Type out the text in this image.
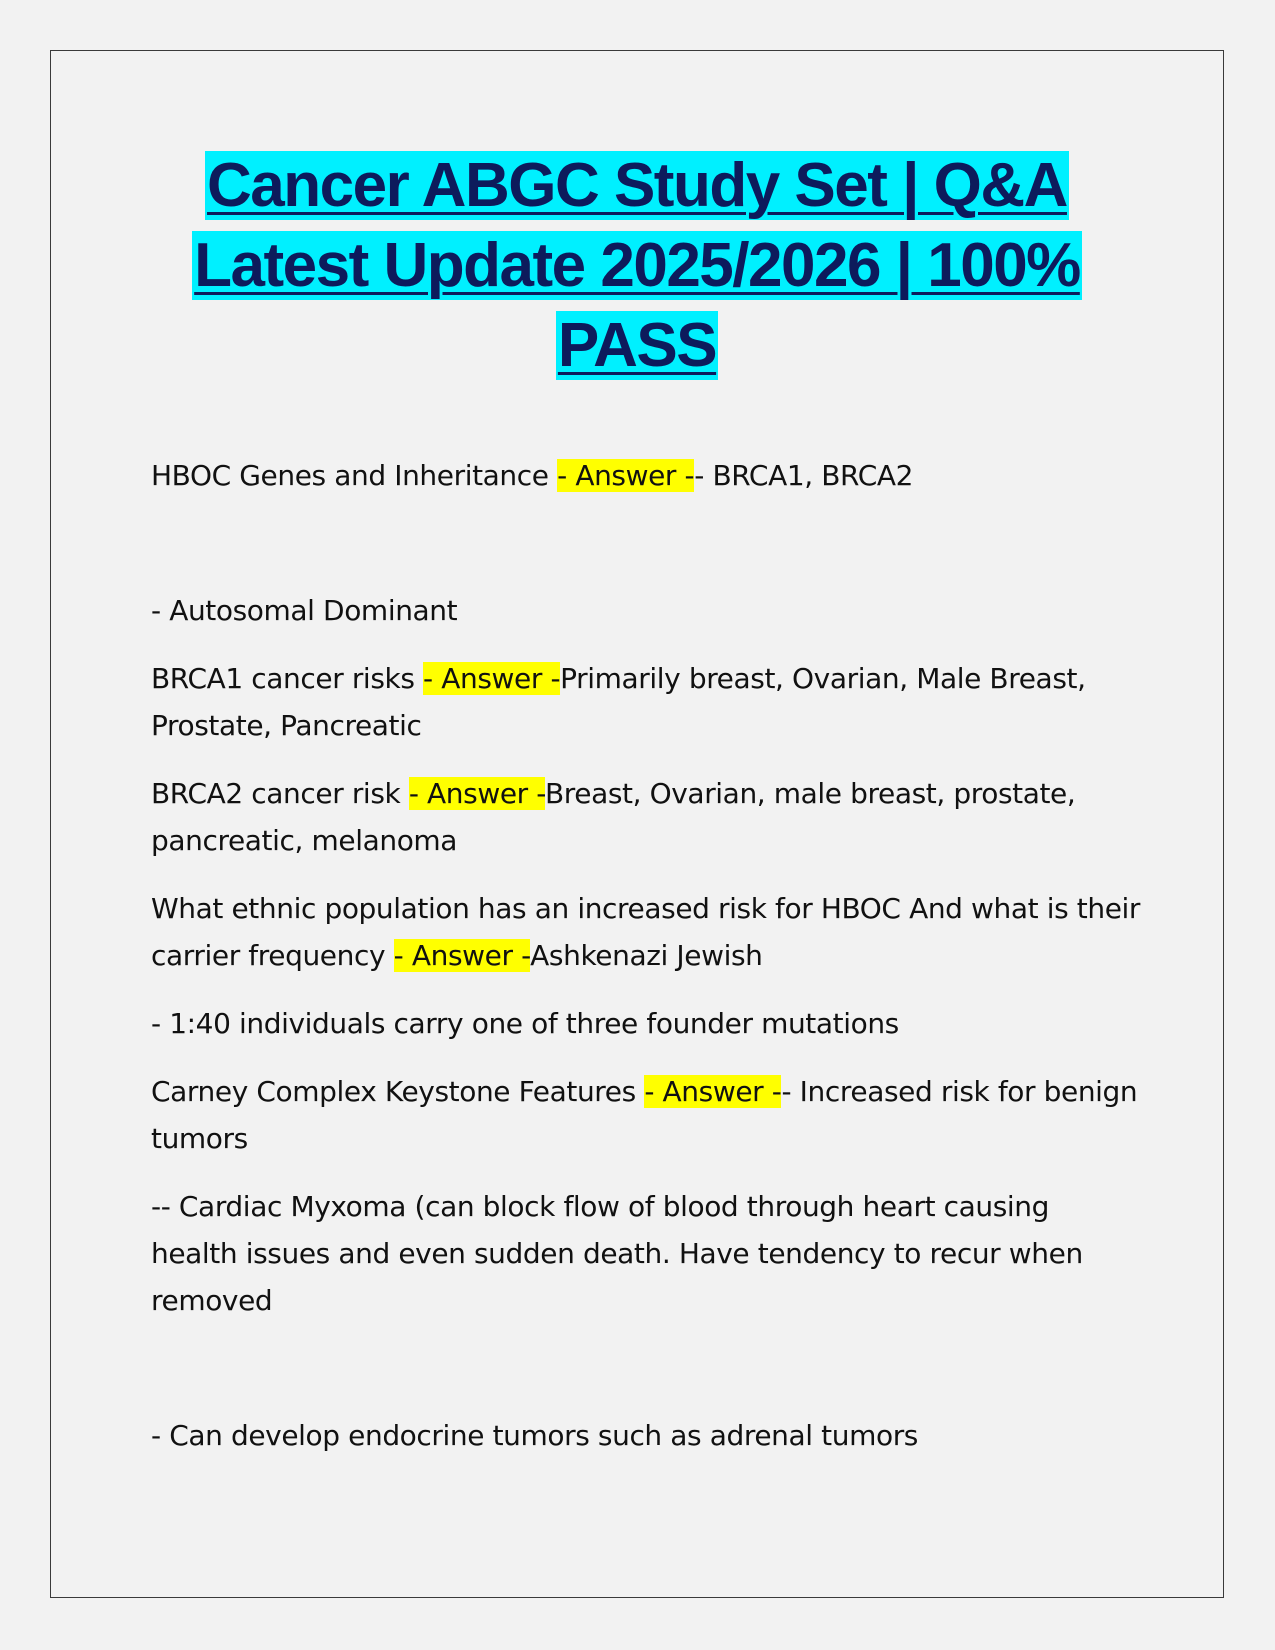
Cancer ABGC Study Set | Q&A
Latest Update 2025/2026 | 100%
PASS

HBOC Genes and Inheritance - Answer -- BRCA1, BRCA2

- Autosomal Dominant

BRCA1 cancer risks - Answer -Primarily breast, Ovarian, Male Breast, Prostate, Pancreatic

BRCA2 cancer risk - Answer -Breast, Ovarian, male breast, prostate, pancreatic, melanoma

What ethnic population has an increased risk for HBOC And what is their carrier frequency - Answer -Ashkenazi Jewish

- 1:40 individuals carry one of three founder mutations

Carney Complex Keystone Features - Answer -- Increased risk for benign tumors

-- Cardiac Myxoma (can block flow of blood through heart causing health issues and even sudden death. Have tendency to recur when removed

- Can develop endocrine tumors such as adrenal tumors
